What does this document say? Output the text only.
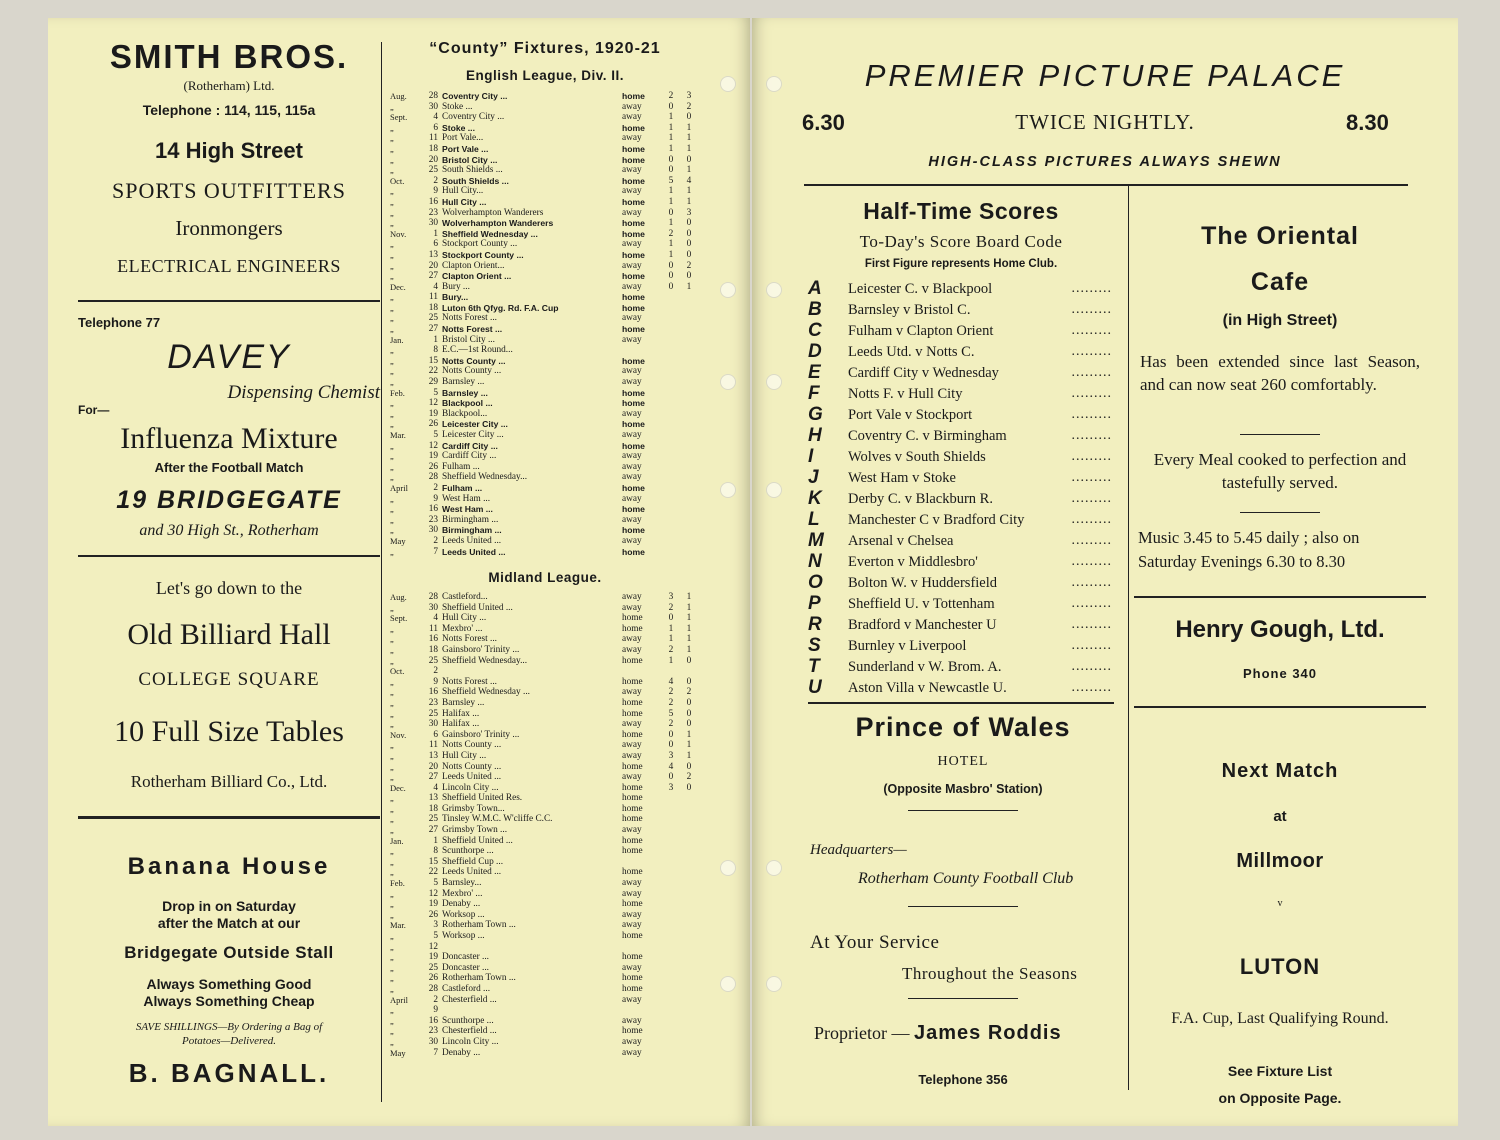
SMITH BROS.
(Rotherham) Ltd.
Telephone : 114, 115, 115a
14 High Street
SPORTS OUTFITTERS
Ironmongers
ELECTRICAL ENGINEERS
Telephone 77
DAVEY
Dispensing Chemist
For—
Influenza Mixture
After the Football Match
19 BRIDGEGATE
and 30 High St., Rotherham
Let's go down to the
Old Billiard Hall
COLLEGE SQUARE
10 Full Size Tables
Rotherham Billiard Co., Ltd.
Banana House
Drop in on Saturday
after the Match at our
Bridgegate Outside Stall
Always Something Good
Always Something Cheap
SAVE SHILLINGS—By Ordering a Bag of
Potatoes—Delivered.
B. BAGNALL.
“County” Fixtures, 1920-21
English League, Div. II.
Aug.	28 Coventry City ...	home	2 3
„	30 Stoke ...	away	0 2
Sept.	4 Coventry City ...	away	1 0
„	6 Stoke ...	home	1 1
„	11 Port Vale...	away	1 1
„	18 Port Vale ...	home	1 1
„	20 Bristol City ...	home	0 0
„	25 South Shields ...	away	0 1
Oct.	2 South Shields ...	home	5 4
„	9 Hull City...	away	1 1
„	16 Hull City ...	home	1 1
„	23 Wolverhampton Wanderers	away	0 3
„	30 Wolverhampton Wanderers	home	1 0
Nov.	1 Sheffield Wednesday ...	home	2 0
„	6 Stockport County ...	away	1 0
„	13 Stockport County ...	home	1 0
„	20 Clapton Orient...	away	0 2
„	27 Clapton Orient ...	home	0 0
Dec.	4 Bury ...	away	0 1
„	11 Bury...	home
„	18 Luton 6th Qfyg. Rd. F.A. Cup	home
„	25 Notts Forest ...	away
„	27 Notts Forest ...	home
Jan.	1 Bristol City ...	away
„	8 E.C.—1st Round...
„	15 Notts County ...	home
„	22 Notts County ...	away
„	29 Barnsley ...	away
Feb.	5 Barnsley ...	home
„	12 Blackpool ...	home
„	19 Blackpool...	away
„	26 Leicester City ...	home
Mar.	5 Leicester City ...	away
„	12 Cardiff City ...	home
„	19 Cardiff City ...	away
„	26 Fulham ...	away
„	28 Sheffield Wednesday...	away
April	2 Fulham ...	home
„	9 West Ham ...	away
„	16 West Ham ...	home
„	23 Birmingham ...	away
„	30 Birmingham ...	home
May	2 Leeds United ...	away
„	7 Leeds United ...	home
Midland League.
Aug.	28 Castleford...	away	3 1
„	30 Sheffield United ...	away	2 1
Sept.	4 Hull City ...	home	0 1
„	11 Mexbro' ...	home	1 1
„	16 Notts Forest ...	away	1 1
„	18 Gainsboro' Trinity ...	away	2 1
„	25 Sheffield Wednesday...	home	1 0
Oct.	2
„	9 Notts Forest ...	home	4 0
„	16 Sheffield Wednesday ...	away	2 2
„	23 Barnsley ...	home	2 0
„	25 Halifax ...	home	5 0
„	30 Halifax ...	away	2 0
Nov.	6 Gainsboro' Trinity ...	home	0 1
„	11 Notts County ...	away	0 1
„	13 Hull City ...	away	3 1
„	20 Notts County ...	home	4 0
„	27 Leeds United ...	away	0 2
Dec.	4 Lincoln City ...	home	3 0
„	13 Sheffield United Res.	home
„	18 Grimsby Town...	home
„	25 Tinsley W.M.C. W'cliffe C.C.	home
„	27 Grimsby Town ...	away
Jan.	1 Sheffield United ...	home
„	8 Scunthorpe ...	home
„	15 Sheffield Cup ...
„	22 Leeds United ...	home
Feb.	5 Barnsley...	away
„	12 Mexbro' ...	away
„	19 Denaby ...	home
„	26 Worksop ...	away
Mar.	3 Rotherham Town ...	away
„	5 Worksop ...	home
„	12
„	19 Doncaster ...	home
„	25 Doncaster ...	away
„	26 Rotherham Town ...	home
„	28 Castleford ...	home
April	2 Chesterfield ...	away
„	9
„	16 Scunthorpe ...	away
„	23 Chesterfield ...	home
„	30 Lincoln City ...	away
May	7 Denaby ...	away
PREMIER PICTURE PALACE
6.30	TWICE NIGHTLY.	8.30
HIGH-CLASS PICTURES ALWAYS SHEWN
Half-Time Scores
To-Day's Score Board Code
First Figure represents Home Club.
A Leicester C. v Blackpool	.........
B Barnsley v Bristol C.	.........
C Fulham v Clapton Orient	.........
D Leeds Utd. v Notts C.	.........
E Cardiff City v Wednesday	.........
F Notts F. v Hull City	.........
G Port Vale v Stockport	.........
H Coventry C. v Birmingham	.........
I Wolves v South Shields	.........
J West Ham v Stoke	.........
K Derby C. v Blackburn R.	.........
L Manchester C v Bradford City	.........
M Arsenal v Chelsea	.........
N Everton v Middlesbro'	.........
O Bolton W. v Huddersfield	.........
P Sheffield U. v Tottenham	.........
R Bradford v Manchester U	.........
S Burnley v Liverpool	.........
T Sunderland v W. Brom. A.	.........
U Aston Villa v Newcastle U.	.........
Prince of Wales
HOTEL
(Opposite Masbro' Station)
Headquarters—
Rotherham County Football Club
At Your Service
Throughout the Seasons
Proprietor — James Roddis
Telephone 356
The Oriental
Cafe
(in High Street)
Has been extended since last Season, and can now seat 260 comfortably.
Every Meal cooked to perfection and tastefully served.
Music 3.45 to 5.45 daily ; also on Saturday Evenings 6.30 to 8.30
Henry Gough, Ltd.
Phone 340
Next Match
at
Millmoor
v
LUTON
F.A. Cup, Last Qualifying Round.
See Fixture List
on Opposite Page.
